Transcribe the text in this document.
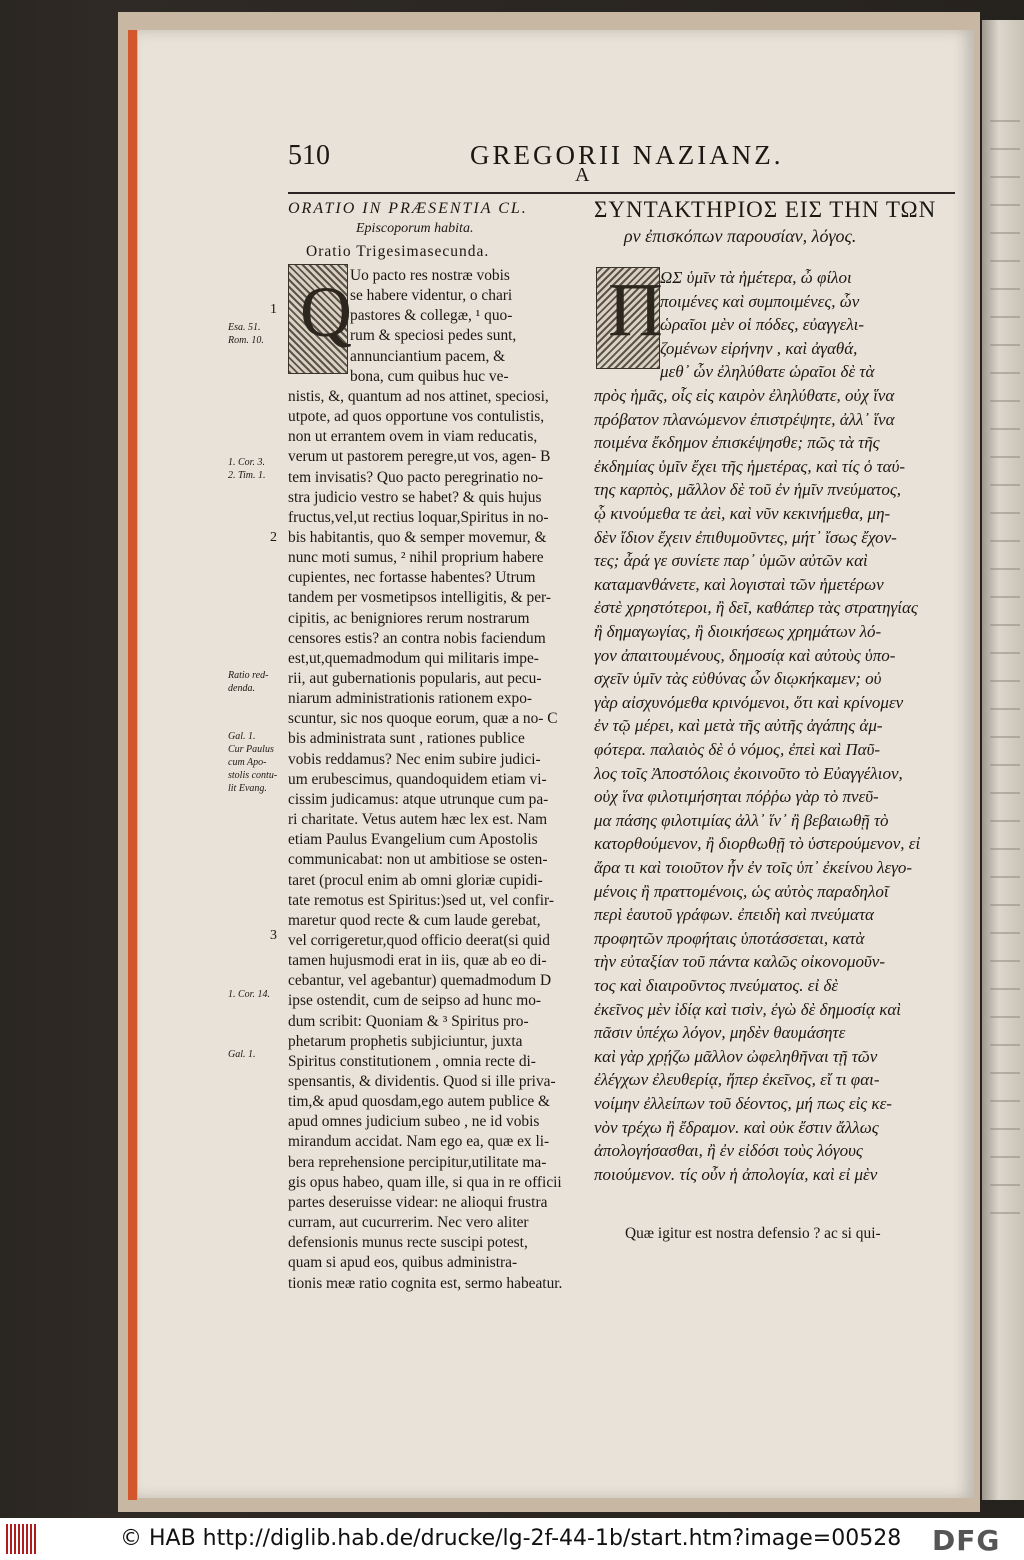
510	GREGORII NAZIANZ.
A
ORATIO IN PRÆSENTIA CL.
Episcoporum habita.
Oratio Trigesimasecunda.
ΣΥΝΤΑΚΤΗΡΙΟΣ ΕΙΣ ΤΗΝ ΤΩΝ
ρν ἐπισκόπων παρουσίαν, λόγος.
Q	Π
Uo pacto res nostræ vobis
se habere videntur, o chari
pastores & collegæ, ¹ quo-
rum & speciosi pedes sunt,
annunciantium pacem, &
bona, cum quibus huc ve-
nistis, &, quantum ad nos attinet, speciosi,
utpote, ad quos opportune vos contulistis,
non ut errantem ovem in viam reducatis,
verum ut pastorem peregre,ut vos, agen- B
tem invisatis? Quo pacto peregrinatio no-
stra judicio vestro se habet? & quis hujus
fructus,vel,ut rectius loquar,Spiritus in no-
bis habitantis, quo & semper movemur, &
nunc moti sumus, ² nihil proprium habere
cupientes, nec fortasse habentes? Utrum
tandem per vosmetipsos intelligitis, & per-
cipitis, ac benigniores rerum nostrarum
censores estis? an contra nobis faciendum
est,ut,quemadmodum qui militaris impe-
rii, aut gubernationis popularis, aut pecu-
niarum administrationis rationem expo-
scuntur, sic nos quoque eorum, quæ a no- C
bis administrata sunt , rationes publice
vobis reddamus? Nec enim subire judici-
um erubescimus, quandoquidem etiam vi-
cissim judicamus: atque utrunque cum pa-
ri charitate. Vetus autem hæc lex est. Nam
etiam Paulus Evangelium cum Apostolis
communicabat: non ut ambitiose se osten-
taret (procul enim ab omni gloriæ cupidi-
tate remotus est Spiritus:)sed ut, vel confir-
maretur quod recte & cum laude gerebat,
vel corrigeretur,quod officio deerat(si quid
tamen hujusmodi erat in iis, quæ ab eo di-
cebantur, vel agebantur) quemadmodum D
ipse ostendit, cum de seipso ad hunc mo-
dum scribit: Quoniam & ³ Spiritus pro-
phetarum prophetis subjiciuntur, juxta
Spiritus constitutionem , omnia recte di-
spensantis, & dividentis. Quod si ille priva-
tim,& apud quosdam,ego autem publice &
apud omnes judicium subeo , ne id vobis
mirandum accidat. Nam ego ea, quæ ex li-
bera reprehensione percipitur,utilitate ma-
gis opus habeo, quam ille, si qua in re officii
partes deseruisse videar: ne alioqui frustra
curram, aut cucurrerim. Nec vero aliter
defensionis munus recte suscipi potest,
quam si apud eos, quibus administra-
tionis meæ ratio cognita est, sermo habeatur.
ΩΣ ὑμῖν τὰ ἡμέτερα, ὦ φίλοι
ποιμένες καὶ συμποιμένες, ὧν
ὡραῖοι μὲν οἱ πόδες, εὐαγγελι-
ζομένων εἰρήνην , καὶ ἀγαθά,
μεθ᾽ ὧν ἐληλύθατε ὡραῖοι δὲ τὰ
πρὸς ἡμᾶς, οἷς εἰς καιρὸν ἐληλύθατε, οὐχ ἵνα
πρόβατον πλανώμενον ἐπιστρέψητε, ἀλλ᾽ ἵνα
ποιμένα ἔκδημον ἐπισκέψησθε; πῶς τὰ τῆς
ἐκδημίας ὑμῖν ἔχει τῆς ἡμετέρας, καὶ τίς ὁ ταύ-
της καρπὸς, μᾶλλον δὲ τοῦ ἐν ἡμῖν πνεύματος,
ᾧ κινούμεθα τε ἀεὶ, καὶ νῦν κεκινήμεθα, μη-
δὲν ἴδιον ἔχειν ἐπιθυμοῦντες, μήτ᾽ ἴσως ἔχον-
τες; ἆρά γε συνίετε παρ᾽ ὑμῶν αὐτῶν καὶ
καταμανθάνετε, καὶ λογισταὶ τῶν ἡμετέρων
ἐστὲ χρηστότεροι, ἢ δεῖ, καθάπερ τὰς στρατηγίας
ἢ δημαγωγίας, ἢ διοικήσεως χρημάτων λό-
γον ἀπαιτουμένους, δημοσίᾳ καὶ αὐτοὺς ὑπο-
σχεῖν ὑμῖν τὰς εὐθύνας ὧν διῳκήκαμεν; οὐ
γὰρ αἰσχυνόμεθα κρινόμενοι, ὅτι καὶ κρίνομεν
ἐν τῷ μέρει, καὶ μετὰ τῆς αὐτῆς ἀγάπης ἀμ-
φότερα. παλαιὸς δὲ ὁ νόμος, ἐπεὶ καὶ Παῦ-
λος τοῖς Ἀποστόλοις ἐκοινοῦτο τὸ Εὐαγγέλιον,
οὐχ ἵνα φιλοτιμήσηται πόῤῥω γὰρ τὸ πνεῦ-
μα πάσης φιλοτιμίας ἀλλ᾽ ἵν᾽ ἢ βεβαιωθῇ τὸ
κατορθούμενον, ἢ διορθωθῇ τὸ ὑστερούμενον, εἰ
ἄρα τι καὶ τοιοῦτον ἦν ἐν τοῖς ὑπ᾽ ἐκείνου λεγο-
μένοις ἢ πραττομένοις, ὡς αὐτὸς παραδηλοῖ
περὶ ἑαυτοῦ γράφων. ἐπειδὴ καὶ πνεύματα
προφητῶν προφήταις ὑποτάσσεται, κατὰ
τὴν εὐταξίαν τοῦ πάντα καλῶς οἰκονομοῦν-
τος καὶ διαιροῦντος πνεύματος. εἰ δὲ
ἐκεῖνος μὲν ἰδίᾳ καὶ τισὶν, ἐγὼ δὲ δημοσίᾳ καὶ
πᾶσιν ὑπέχω λόγον, μηδὲν θαυμάσητε
καὶ γὰρ χρῄζω μᾶλλον ὠφεληθῆναι τῇ τῶν
ἐλέγχων ἐλευθερίᾳ, ἤπερ ἐκεῖνος, εἴ τι φαι-
νοίμην ἐλλείπων τοῦ δέοντος, μή πως εἰς κε-
νὸν τρέχω ἢ ἔδραμον. καὶ οὐκ ἔστιν ἄλλως
ἀπολογήσασθαι, ἢ ἐν εἰδόσι τοὺς λόγους
ποιούμενον. τίς οὖν ἡ ἀπολογία, καὶ εἰ μὲν
Quæ igitur est nostra defensio ? ac si qui-
1
2
3
Esa. 51.
Rom. 10.
1. Cor. 3.
2. Tim. 1.
Ratio red-
denda.
Gal. 1.
Cur Paulus
cum Apo-
stolis contu-
lit Evang.
1. Cor. 14.
Gal. 1.
© HAB http://diglib.hab.de/drucke/lg-2f-44-1b/start.htm?image=00528 DFG
